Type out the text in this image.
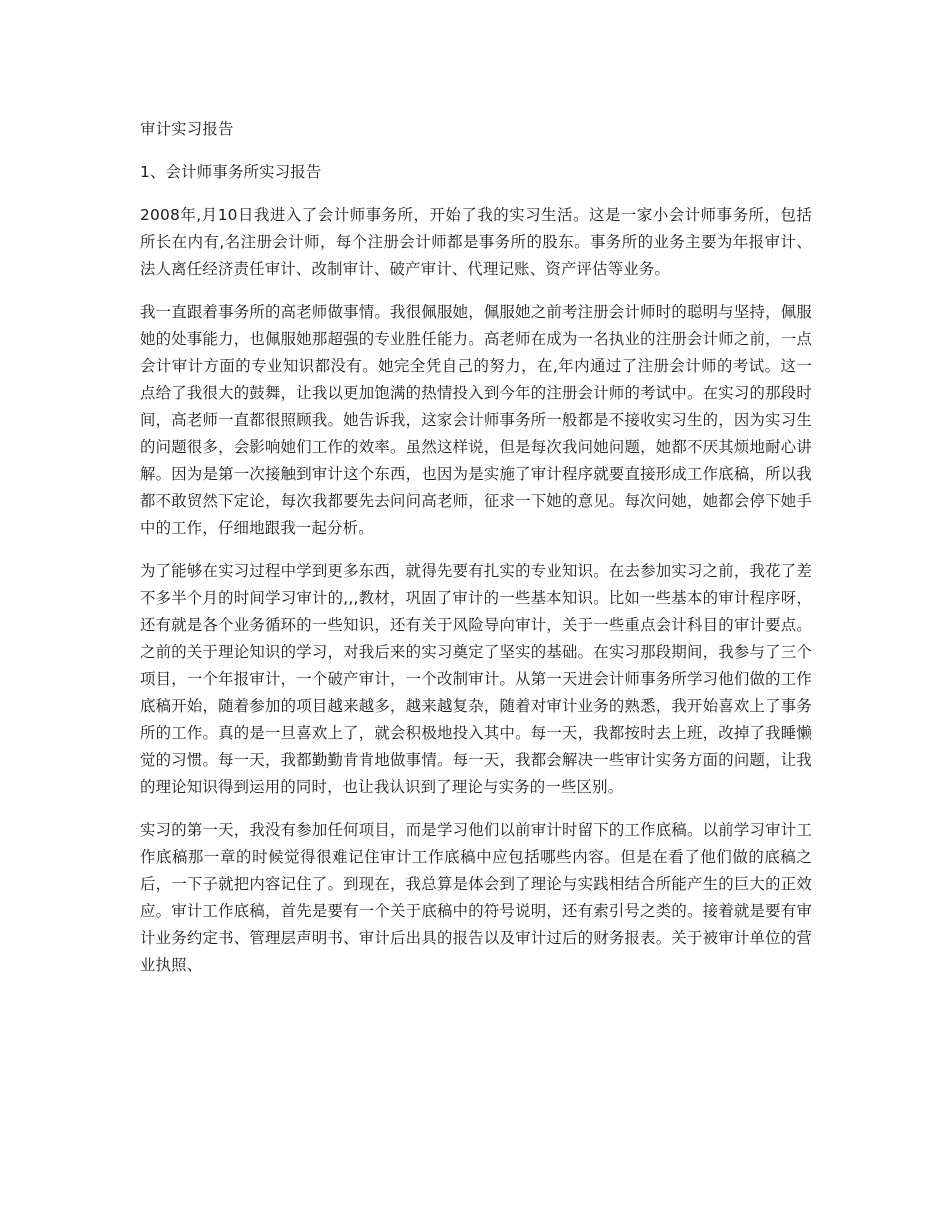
审计实习报告

1、会计师事务所实习报告

2008年,月10日我进入了会计师事务所，开始了我的实习生活。这是一家小会计师事务所，包括所长在内有,名注册会计师，每个注册会计师都是事务所的股东。事务所的业务主要为年报审计、法人离任经济责任审计、改制审计、破产审计、代理记账、资产评估等业务。

我一直跟着事务所的高老师做事情。我很佩服她，佩服她之前考注册会计师时的聪明与坚持，佩服她的处事能力，也佩服她那超强的专业胜任能力。高老师在成为一名执业的注册会计师之前，一点会计审计方面的专业知识都没有。她完全凭自己的努力，在,年内通过了注册会计师的考试。这一点给了我很大的鼓舞，让我以更加饱满的热情投入到今年的注册会计师的考试中。在实习的那段时间，高老师一直都很照顾我。她告诉我，这家会计师事务所一般都是不接收实习生的，因为实习生的问题很多，会影响她们工作的效率。虽然这样说，但是每次我问她问题，她都不厌其烦地耐心讲解。因为是第一次接触到审计这个东西，也因为是实施了审计程序就要直接形成工作底稿，所以我都不敢贸然下定论，每次我都要先去问问高老师，征求一下她的意见。每次问她，她都会停下她手中的工作，仔细地跟我一起分析。

为了能够在实习过程中学到更多东西，就得先要有扎实的专业知识。在去参加实习之前，我花了差不多半个月的时间学习审计的,,,教材，巩固了审计的一些基本知识。比如一些基本的审计程序呀，还有就是各个业务循环的一些知识，还有关于风险导向审计，关于一些重点会计科目的审计要点。之前的关于理论知识的学习，对我后来的实习奠定了坚实的基础。在实习那段期间，我参与了三个项目，一个年报审计，一个破产审计，一个改制审计。从第一天进会计师事务所学习他们做的工作底稿开始，随着参加的项目越来越多，越来越复杂，随着对审计业务的熟悉，我开始喜欢上了事务所的工作。真的是一旦喜欢上了，就会积极地投入其中。每一天，我都按时去上班，改掉了我睡懒觉的习惯。每一天，我都勤勤肯肯地做事情。每一天，我都会解决一些审计实务方面的问题，让我的理论知识得到运用的同时，也让我认识到了理论与实务的一些区别。

实习的第一天，我没有参加任何项目，而是学习他们以前审计时留下的工作底稿。以前学习审计工作底稿那一章的时候觉得很难记住审计工作底稿中应包括哪些内容。但是在看了他们做的底稿之后，一下子就把内容记住了。到现在，我总算是体会到了理论与实践相结合所能产生的巨大的正效应。审计工作底稿，首先是要有一个关于底稿中的符号说明，还有索引号之类的。接着就是要有审计业务约定书、管理层声明书、审计后出具的报告以及审计过后的财务报表。关于被审计单位的营业执照、
